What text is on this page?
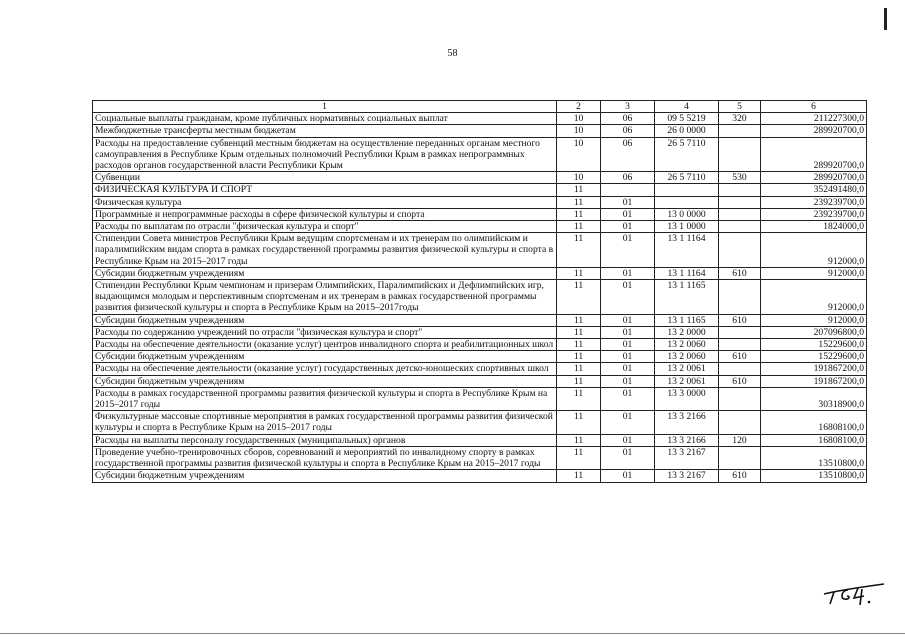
58
1	2	3	4	5	6
Социальные выплаты гражданам, кроме публичных нормативных социальных выплат	10	06	09 5 5219	320	211227300,0
Межбюджетные трансферты местным бюджетам	10	06	26 0 0000		289920700,0
Расходы на предоставление субвенций местным бюджетам на осуществление переданных органам местного самоуправления в Республике Крым отдельных полномочий Республики Крым в рамках непрограммных расходов органов государственной власти Республики Крым	10	06	26 5 7110		289920700,0
Субвенции	10	06	26 5 7110	530	289920700,0
ФИЗИЧЕСКАЯ КУЛЬТУРА И СПОРТ	11				352491480,0
Физическая культура	11	01			239239700,0
Программные и непрограммные расходы в сфере физической культуры и спорта	11	01	13 0 0000		239239700,0
Расходы по выплатам по отрасли "физическая культура и спорт"	11	01	13 1 0000		1824000,0
Стипендии Совета министров Республики Крым ведущим спортсменам и их тренерам по олимпийским и паралимпийским видам спорта в рамках государственной программы развития физической культуры и спорта в Республике Крым на 2015–2017 годы	11	01	13 1 1164		912000,0
Субсидии бюджетным учреждениям	11	01	13 1 1164	610	912000,0
Стипендии Республики Крым чемпионам и призерам Олимпийских, Паралимпийских и Дефлимпийских игр, выдающимся молодым и перспективным спортсменам и их тренерам в рамках государственной программы развития физической культуры и спорта в Республике Крым на 2015–2017годы	11	01	13 1 1165		912000,0
Субсидии бюджетным учреждениям	11	01	13 1 1165	610	912000,0
Расходы по содержанию учреждений по отрасли "физическая культура и спорт"	11	01	13 2 0000		207096800,0
Расходы на обеспечение деятельности (оказание услуг) центров инвалидного спорта и реабилитационных школ	11	01	13 2 0060		15229600,0
Субсидии бюджетным учреждениям	11	01	13 2 0060	610	15229600,0
Расходы на обеспечение деятельности (оказание услуг) государственных детско-юношеских спортивных школ	11	01	13 2 0061		191867200,0
Субсидии бюджетным учреждениям	11	01	13 2 0061	610	191867200,0
Расходы в рамках государственной программы развития физической культуры и спорта в Республике Крым на 2015–2017 годы	11	01	13 3 0000		30318900,0
Физкультурные массовые спортивные мероприятия в рамках государственной программы развития физической культуры и спорта в Республике Крым на 2015–2017 годы	11	01	13 3 2166		16808100,0
Расходы на выплаты персоналу государственных (муниципальных) органов	11	01	13 3 2166	120	16808100,0
Проведение учебно-тренировочных сборов, соревнований и мероприятий по инвалидному спорту в рамках государственной программы развития физической культуры и спорта в Республике Крым на 2015–2017 годы	11	01	13 3 2167		13510800,0
Субсидии бюджетным учреждениям	11	01	13 3 2167	610	13510800,0
